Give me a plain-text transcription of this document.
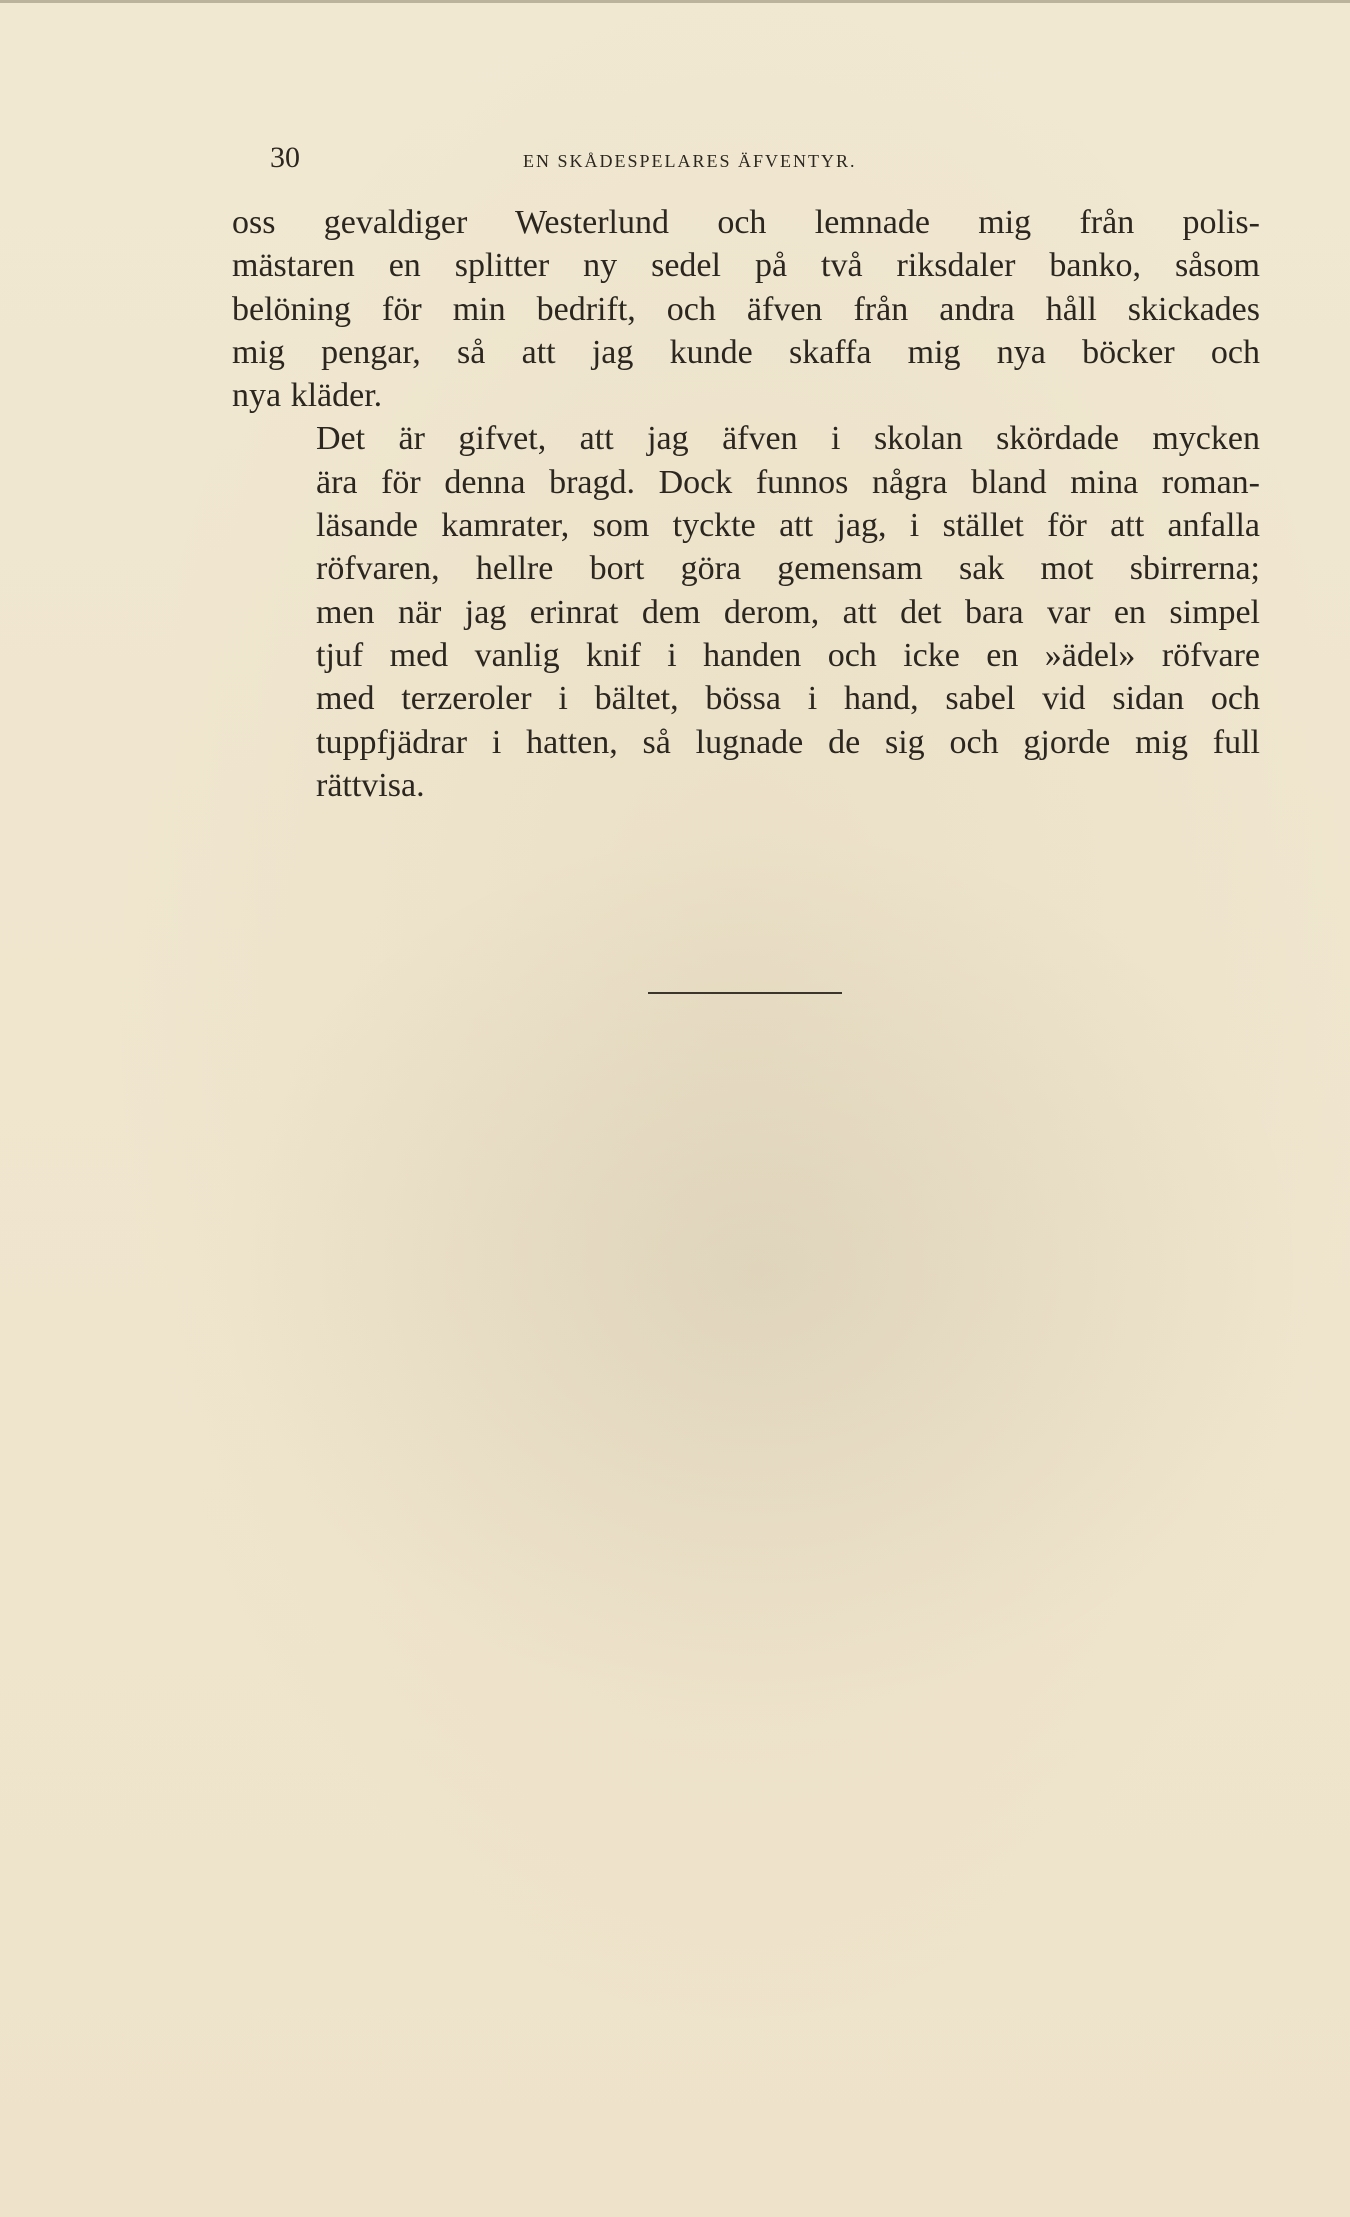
30	EN SKÅDESPELARES ÄFVENTYR.

oss gevaldiger Westerlund och lemnade mig från polis-
mästaren en splitter ny sedel på två riksdaler banko, såsom
belöning för min bedrift, och äfven från andra håll skickades
mig pengar, så att jag kunde skaffa mig nya böcker och
nya kläder.

Det är gifvet, att jag äfven i skolan skördade mycken
ära för denna bragd. Dock funnos några bland mina roman-
läsande kamrater, som tyckte att jag, i stället för att anfalla
röfvaren, hellre bort göra gemensam sak mot sbirrerna;
men när jag erinrat dem derom, att det bara var en simpel
tjuf med vanlig knif i handen och icke en »ädel» röfvare
med terzeroler i bältet, bössa i hand, sabel vid sidan och
tuppfjädrar i hatten, så lugnade de sig och gjorde mig full
rättvisa.
